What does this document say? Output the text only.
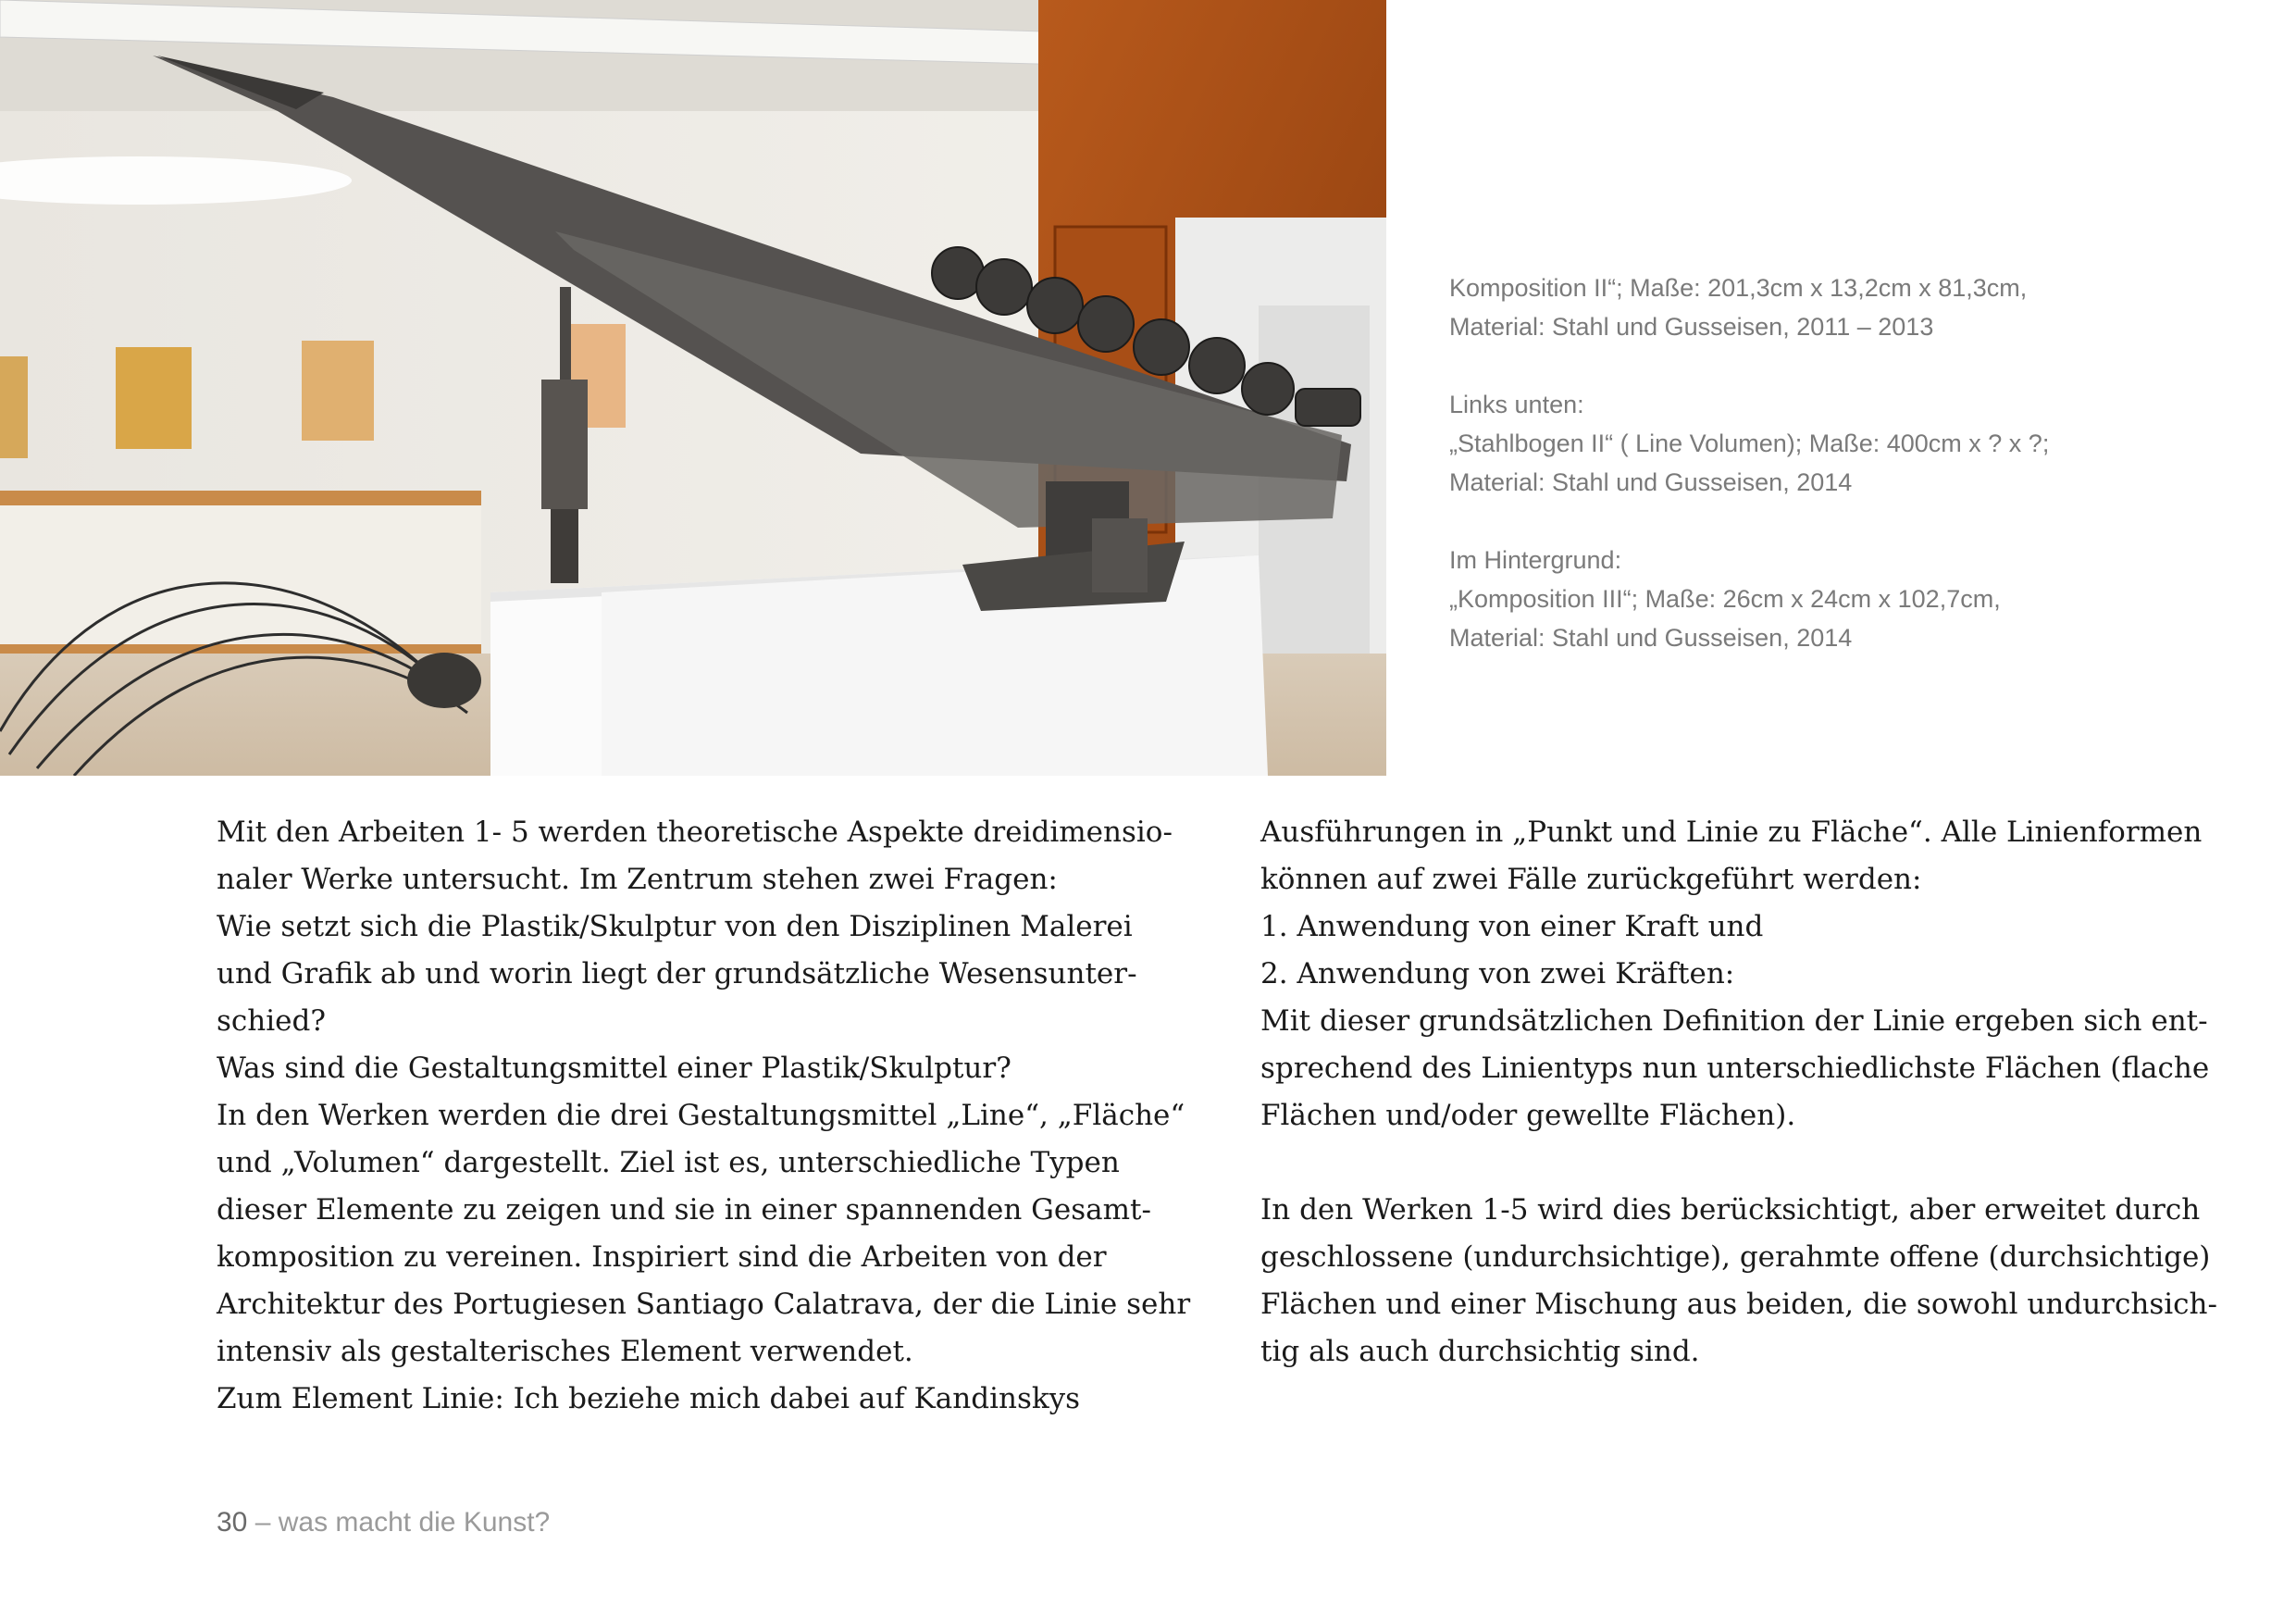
Komposition II“; Maße: 201,3cm x 13,2cm x 81,3cm,

Material: Stahl und Gusseisen, 2011 – 2013

Links unten:

„Stahlbogen II“ ( Line Volumen); Maße: 400cm x ? x ?;

Material: Stahl und Gusseisen, 2014

Im Hintergrund:

„Komposition III“; Maße: 26cm x 24cm x 102,7cm,

Material: Stahl und Gusseisen, 2014

Mit den Arbeiten 1- 5 werden theoretische Aspekte dreidimensio-

naler Werke untersucht. Im Zentrum stehen zwei Fragen:

Wie setzt sich die Plastik/Skulptur von den Disziplinen Malerei

und Grafik ab und worin liegt der grundsätzliche Wesensunter-

schied?

Was sind die Gestaltungsmittel einer Plastik/Skulptur?

In den Werken werden die drei Gestaltungsmittel „Line“, „Fläche“

und „Volumen“ dargestellt. Ziel ist es, unterschiedliche Typen

dieser Elemente zu zeigen und sie in einer spannenden Gesamt-

komposition zu vereinen. Inspiriert sind die Arbeiten von der

Architektur des Portugiesen Santiago Calatrava, der die Linie sehr

intensiv als gestalterisches Element verwendet.

Zum Element Linie: Ich beziehe mich dabei auf Kandinskys

Ausführungen in „Punkt und Linie zu Fläche“. Alle Linienformen

können auf zwei Fälle zurückgeführt werden:

1. Anwendung von einer Kraft und

2. Anwendung von zwei Kräften:

Mit dieser grundsätzlichen Definition der Linie ergeben sich ent-

sprechend des Linientyps nun unterschiedlichste Flächen (flache

Flächen und/oder gewellte Flächen).

In den Werken 1-5 wird dies berücksichtigt, aber erweitet durch

geschlossene (undurchsichtige), gerahmte offene (durchsichtige)

Flächen und einer Mischung aus beiden, die sowohl undurchsich-

tig als auch durchsichtig sind.

30 – was macht die Kunst?
